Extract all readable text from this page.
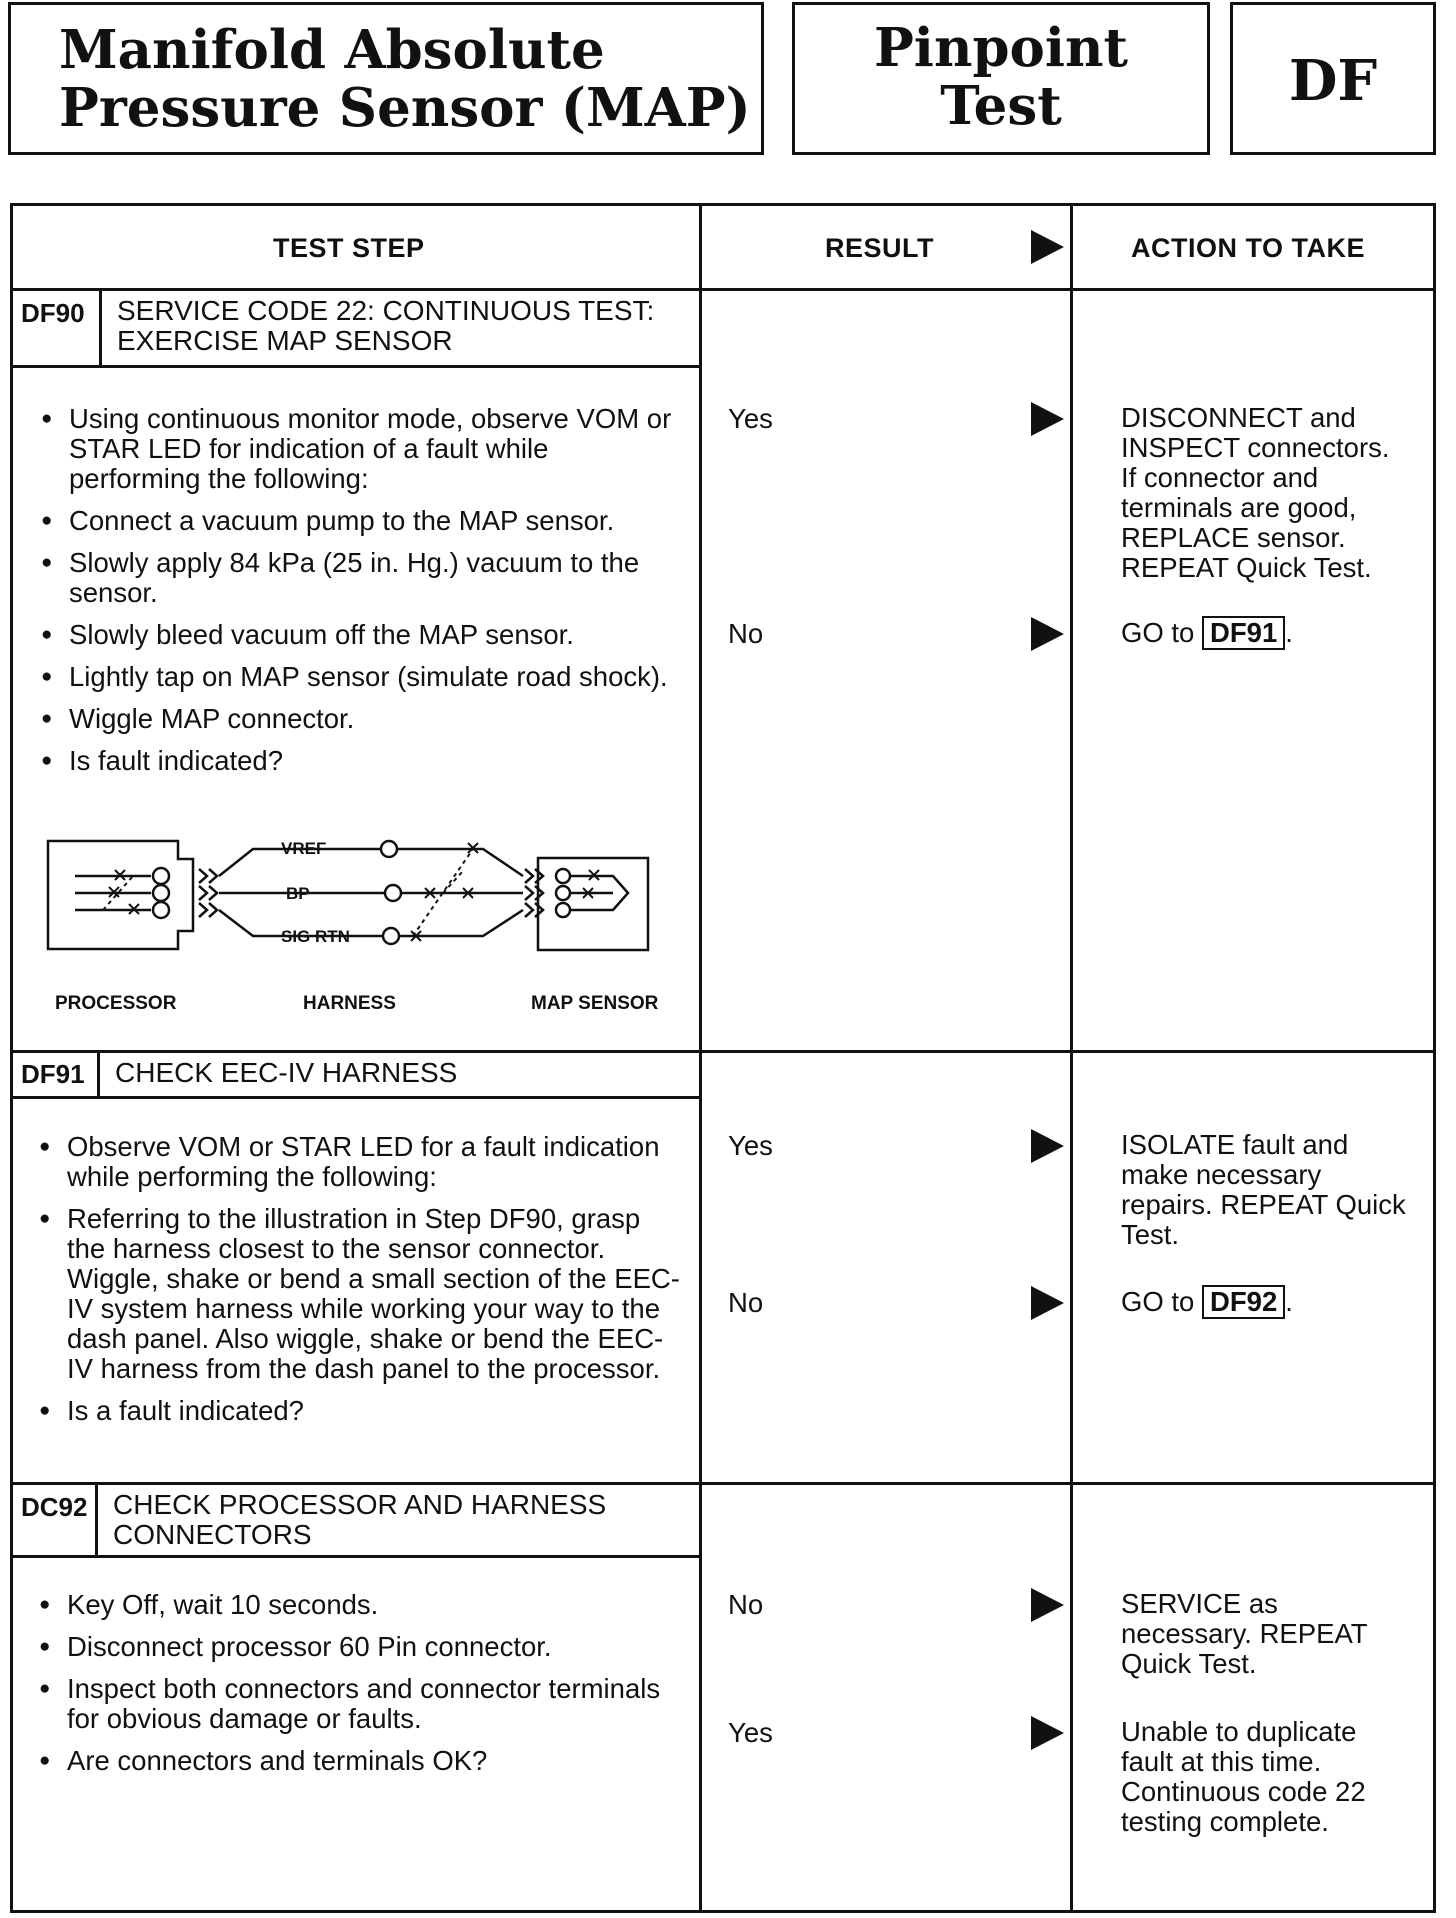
Manifold Absolute
Pressure Sensor (MAP)
Pinpoint
Test	DF
TEST STEP	RESULT	ACTION TO TAKE
DF90 SERVICE CODE 22: CONTINUOUS TEST:
EXERCISE MAP SENSOR
● Using continuous monitor mode, observe VOM or STAR LED for indication of a fault while performing the following:
● Connect a vacuum pump to the MAP sensor.
● Slowly apply 84 kPa (25 in. Hg.) vacuum to the sensor.
● Slowly bleed vacuum off the MAP sensor.
● Lightly tap on MAP sensor (simulate road shock).
● Wiggle MAP connector.
● Is fault indicated?
VREF
BP
SIG RTN
PROCESSOR	HARNESS	MAP SENSOR
Yes	DISCONNECT and INSPECT connectors. If connector and terminals are good, REPLACE sensor. REPEAT Quick Test.
No	GO to DF91 .
DF91 CHECK EEC-IV HARNESS
● Observe VOM or STAR LED for a fault indication while performing the following:
● Referring to the illustration in Step DF90, grasp the harness closest to the sensor connector. Wiggle, shake or bend a small section of the EEC-IV system harness while working your way to the dash panel. Also wiggle, shake or bend the EEC-IV harness from the dash panel to the processor.
● Is a fault indicated?
Yes	ISOLATE fault and make necessary repairs. REPEAT Quick Test.
No	GO to DF92 .
DC92 CHECK PROCESSOR AND HARNESS
CONNECTORS
● Key Off, wait 10 seconds.
● Disconnect processor 60 Pin connector.
● Inspect both connectors and connector terminals for obvious damage or faults.
● Are connectors and terminals OK?
No	SERVICE as necessary. REPEAT Quick Test.
Yes	Unable to duplicate fault at this time. Continuous code 22 testing complete.
